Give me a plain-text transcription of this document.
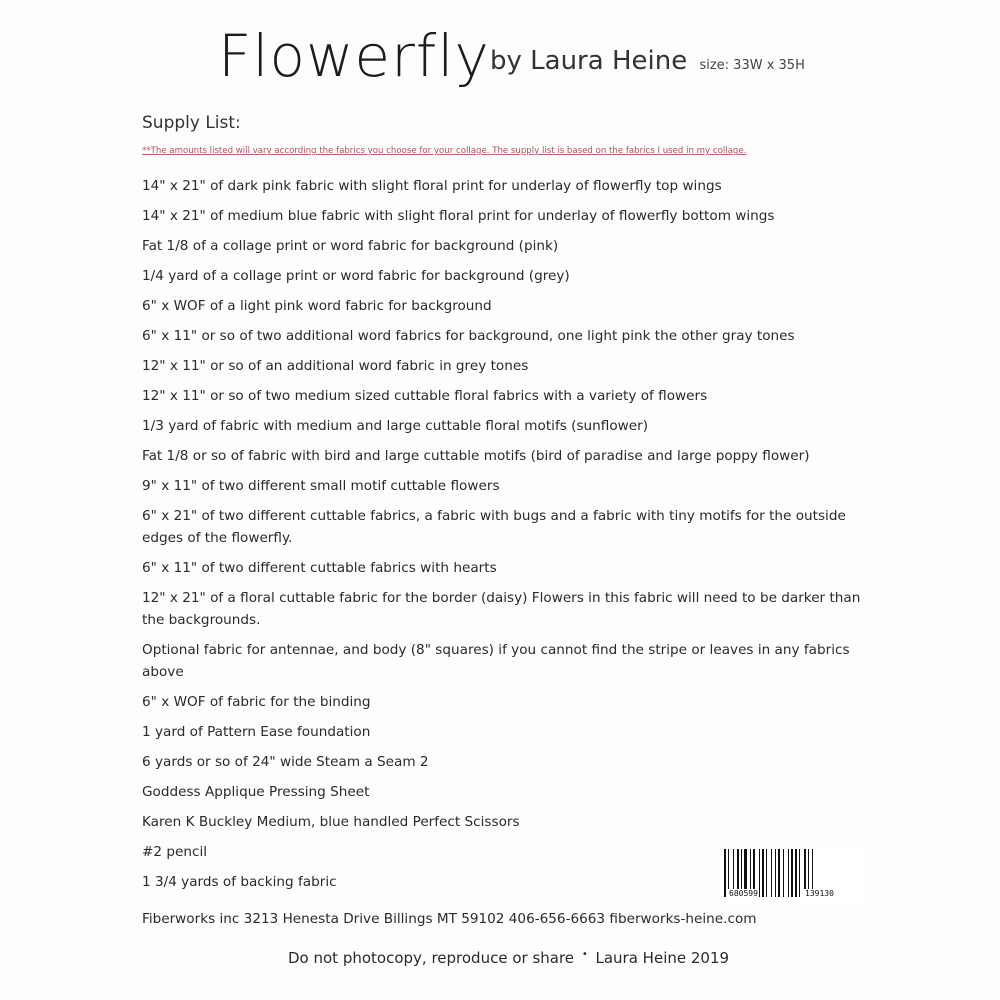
Flowerfly by Laura Heine size: 33W x 35H
Supply List:
**The amounts listed will vary according the fabrics you choose for your collage. The supply list is based on the fabrics I used in my collage.
14" x 21" of dark pink fabric with slight floral print for underlay of flowerfly top wings
14" x 21" of medium blue fabric with slight floral print for underlay of flowerfly bottom wings
Fat 1/8 of a collage print or word fabric for background (pink)
1/4 yard of a collage print or word fabric for background (grey)
6" x WOF of a light pink word fabric for background
6" x 11" or so of two additional word fabrics for background, one light pink the other gray tones
12" x 11" or so of an additional word fabric in grey tones
12" x 11" or so of two medium sized cuttable floral fabrics with a variety of flowers
1/3 yard of fabric with medium and large cuttable floral motifs (sunflower)
Fat 1/8 or so of fabric with bird and large cuttable motifs (bird of paradise and large poppy flower)
9" x 11" of two different small motif cuttable flowers
6" x 21" of two different cuttable fabrics, a fabric with bugs and a fabric with tiny motifs for the outside edges of the flowerfly.
6" x 11" of two different cuttable fabrics with hearts
12" x 21" of a floral cuttable fabric for the border (daisy) Flowers in this fabric will need to be darker than the backgrounds.
Optional fabric for antennae, and body (8" squares) if you cannot find the stripe or leaves in any fabrics above
6" x WOF of fabric for the binding
1 yard of Pattern Ease foundation
6 yards or so of 24" wide Steam a Seam 2
Goddess Applique Pressing Sheet
Karen K Buckley Medium, blue handled Perfect Scissors
#2 pencil
1 3/4 yards of backing fabric
680599	139130
Fiberworks inc 3213 Henesta Drive Billings MT 59102 406-656-6663 fiberworks-heine.com
Do not photocopy, reproduce or share • Laura Heine 2019
